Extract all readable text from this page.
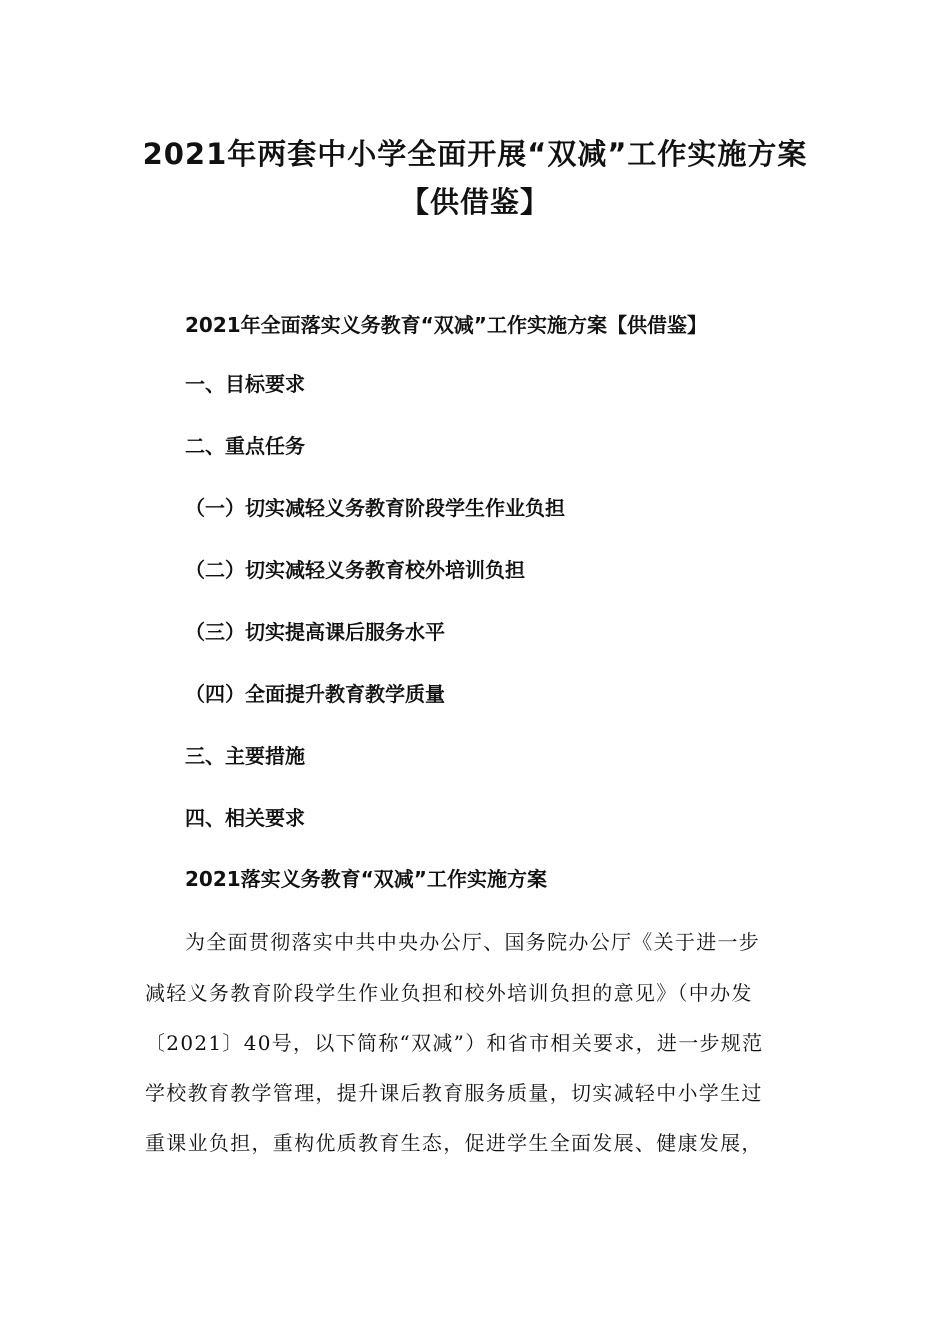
2021年两套中小学全面开展“双减”工作实施方案
【供借鉴】
2021年全面落实义务教育“双减”工作实施方案【供借鉴】
一、目标要求
二、重点任务
（一）切实减轻义务教育阶段学生作业负担
（二）切实减轻义务教育校外培训负担
（三）切实提高课后服务水平
（四）全面提升教育教学质量
三、主要措施
四、相关要求
2021落实义务教育“双减”工作实施方案
为全面贯彻落实中共中央办公厅、国务院办公厅《关于进一步
减轻义务教育阶段学生作业负担和校外培训负担的意见》（中办发
〔2021〕40号，以下简称“双减”）和省市相关要求，进一步规范
学校教育教学管理，提升课后教育服务质量，切实减轻中小学生过
重课业负担，重构优质教育生态，促进学生全面发展、健康发展，
